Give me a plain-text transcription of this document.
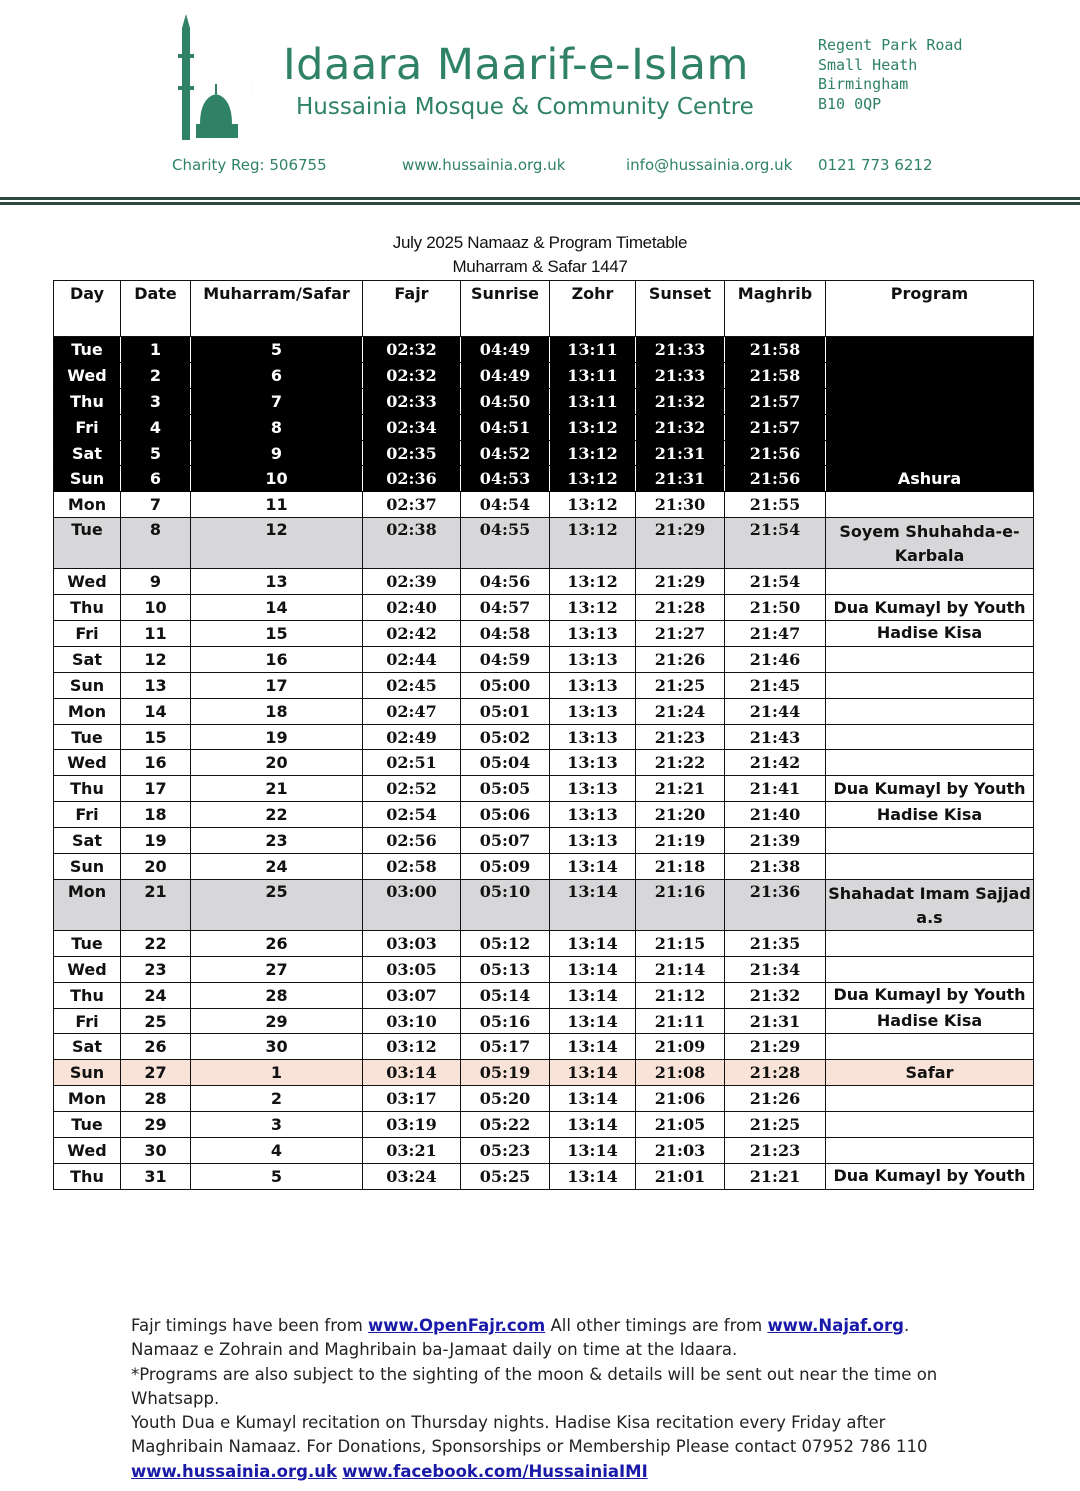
Idaara Maarif-e-Islam
Hussainia Mosque & Community Centre
Regent Park Road
Small Heath
Birmingham
B10 0QP
Charity Reg: 506755	www.hussainia.org.uk	info@hussainia.org.uk 0121 773 6212
July 2025 Namaaz & Program Timetable
Muharram & Safar 1447
Day	Date	Muharram/Safar	Fajr	Sunrise	Zohr	Sunset	Maghrib	Program
Tue	1	5	02:32	04:49	13:11	21:33	21:58	
Wed	2	6	02:32	04:49	13:11	21:33	21:58	
Thu	3	7	02:33	04:50	13:11	21:32	21:57	
Fri	4	8	02:34	04:51	13:12	21:32	21:57	
Sat	5	9	02:35	04:52	13:12	21:31	21:56	
Sun	6	10	02:36	04:53	13:12	21:31	21:56	Ashura
Mon	7	11	02:37	04:54	13:12	21:30	21:55	
Tue	8	12	02:38	04:55	13:12	21:29	21:54	Soyem Shuhahda-e-Karbala
Wed	9	13	02:39	04:56	13:12	21:29	21:54	
Thu	10	14	02:40	04:57	13:12	21:28	21:50	Dua Kumayl by Youth
Fri	11	15	02:42	04:58	13:13	21:27	21:47	Hadise Kisa
Sat	12	16	02:44	04:59	13:13	21:26	21:46	
Sun	13	17	02:45	05:00	13:13	21:25	21:45	
Mon	14	18	02:47	05:01	13:13	21:24	21:44	
Tue	15	19	02:49	05:02	13:13	21:23	21:43	
Wed	16	20	02:51	05:04	13:13	21:22	21:42	
Thu	17	21	02:52	05:05	13:13	21:21	21:41	Dua Kumayl by Youth
Fri	18	22	02:54	05:06	13:13	21:20	21:40	Hadise Kisa
Sat	19	23	02:56	05:07	13:13	21:19	21:39	
Sun	20	24	02:58	05:09	13:14	21:18	21:38	
Mon	21	25	03:00	05:10	13:14	21:16	21:36	Shahadat Imam Sajjad a.s
Tue	22	26	03:03	05:12	13:14	21:15	21:35	
Wed	23	27	03:05	05:13	13:14	21:14	21:34	
Thu	24	28	03:07	05:14	13:14	21:12	21:32	Dua Kumayl by Youth
Fri	25	29	03:10	05:16	13:14	21:11	21:31	Hadise Kisa
Sat	26	30	03:12	05:17	13:14	21:09	21:29	
Sun	27	1	03:14	05:19	13:14	21:08	21:28	Safar
Mon	28	2	03:17	05:20	13:14	21:06	21:26	
Tue	29	3	03:19	05:22	13:14	21:05	21:25	
Wed	30	4	03:21	05:23	13:14	21:03	21:23	
Thu	31	5	03:24	05:25	13:14	21:01	21:21	Dua Kumayl by Youth

Fajr timings have been from www.OpenFajr.com All other timings are from www.Najaf.org.

Namaaz e Zohrain and Maghribain ba-Jamaat daily on time at the Idaara.

*Programs are also subject to the sighting of the moon & details will be sent out near the time on Whatsapp.

Youth Dua e Kumayl recitation on Thursday nights. Hadise Kisa recitation every Friday after Maghribain Namaaz. For Donations, Sponsorships or Membership Please contact 07952 786 110

www.hussainia.org.uk www.facebook.com/HussainiaIMI
